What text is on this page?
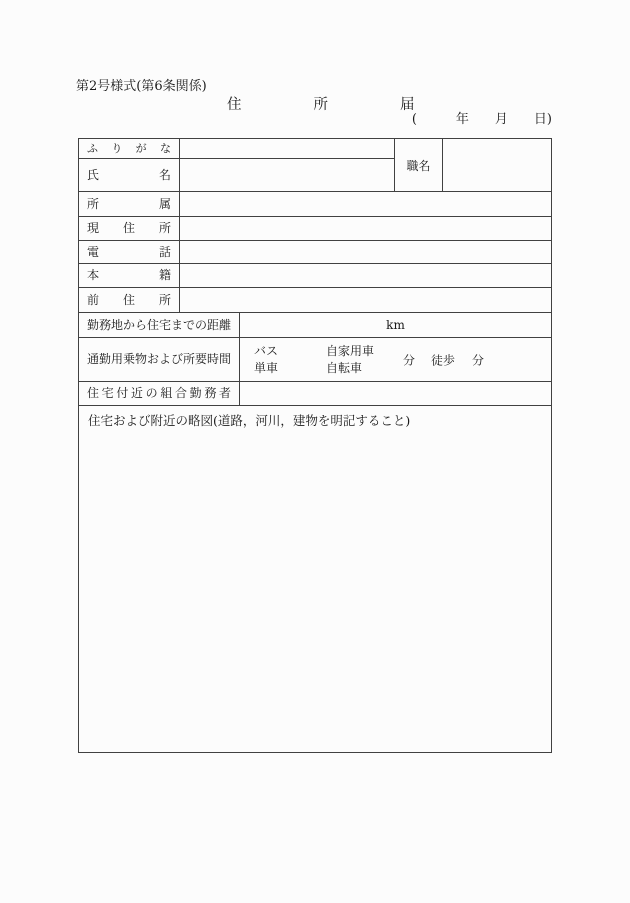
第2号様式(第6条関係)
住所届
(　　　年　　月　　日)
ふりがな
氏名
職名
所属
現住所
電話
本籍
前住所
勤務地から住宅までの距離	km
通勤用乗物および所要時間
バス
単車
自家用車
自転車
分 徒歩 分
住宅付近の組合勤務者
住宅および附近の略図(道路，河川，建物を明記すること)
